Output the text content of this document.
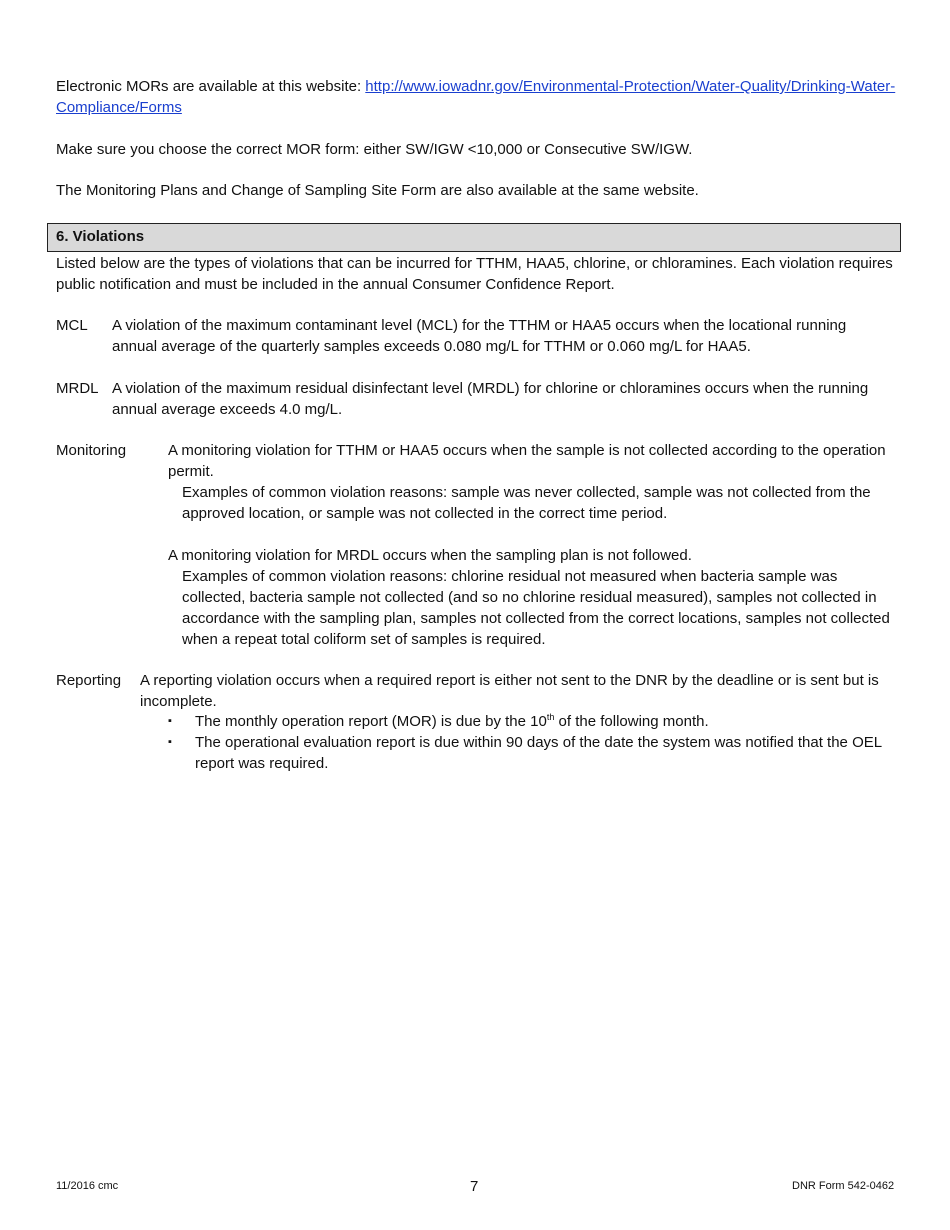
Electronic MORs are available at this website: http://www.iowadnr.gov/Environmental-Protection/Water-Quality/Drinking-Water-Compliance/Forms

Make sure you choose the correct MOR form: either SW/IGW <10,000 or Consecutive SW/IGW.

The Monitoring Plans and Change of Sampling Site Form are also available at the same website.

6. Violations

Listed below are the types of violations that can be incurred for TTHM, HAA5, chlorine, or chloramines. Each violation requires public notification and must be included in the annual Consumer Confidence Report.

MCL A violation of the maximum contaminant level (MCL) for the TTHM or HAA5 occurs when the locational running annual average of the quarterly samples exceeds 0.080 mg/L for TTHM or 0.060 mg/L for HAA5.

MRDL A violation of the maximum residual disinfectant level (MRDL) for chlorine or chloramines occurs when the running annual average exceeds 4.0 mg/L.

Monitoring	A monitoring violation for TTHM or HAA5 occurs when the sample is not collected according to the operation permit.

Examples of common violation reasons: sample was never collected, sample was not collected from the approved location, or sample was not collected in the correct time period.

A monitoring violation for MRDL occurs when the sampling plan is not followed.

Examples of common violation reasons: chlorine residual not measured when bacteria sample was collected, bacteria sample not collected (and so no chlorine residual measured), samples not collected in accordance with the sampling plan, samples not collected from the correct locations, samples not collected when a repeat total coliform set of samples is required.

Reporting A reporting violation occurs when a required report is either not sent to the DNR by the deadline or is sent but is incomplete.

▪ The monthly operation report (MOR) is due by the 10th of the following month.
▪ The operational evaluation report is due within 90 days of the date the system was notified that the OEL report was required.
11/2016 cmc	7	DNR Form 542-0462
